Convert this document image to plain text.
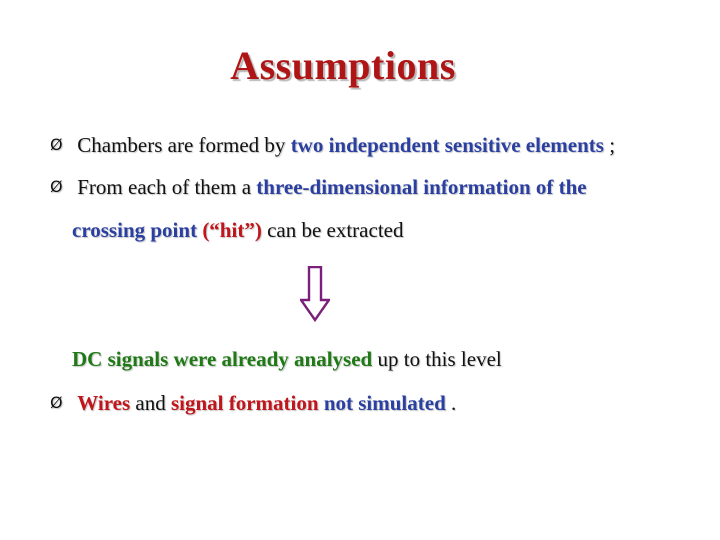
Assumptions
Ø Chambers are formed by two independent sensitive elements ;
Ø From each of them a three-dimensional information of the
crossing point (“hit”) can be extracted
DC signals were already analysed up to this level
Ø Wires and signal formation not simulated .
